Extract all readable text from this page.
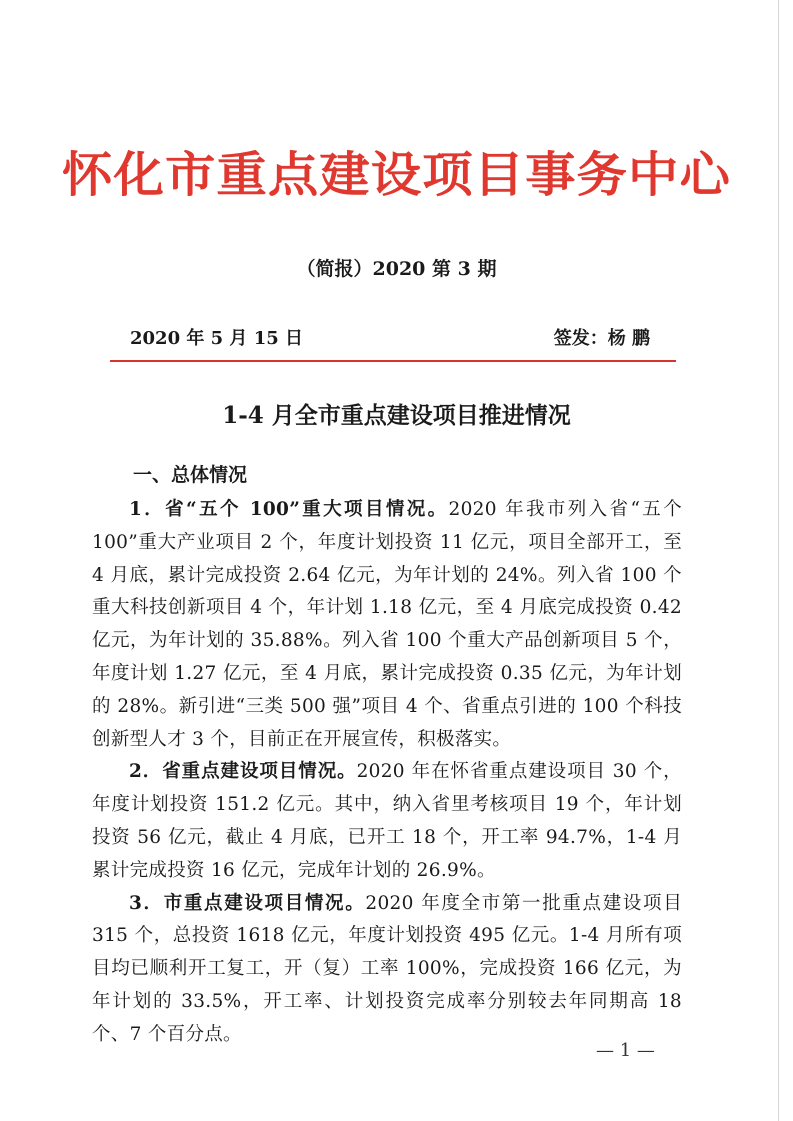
怀化市重点建设项目事务中心
（简报）2020 第 3 期
2020 年 5 月 15 日	签发：杨 鹏
1-4 月全市重点建设项目推进情况
一、总体情况

1．省“五个 100”重大项目情况。2020 年我市列入省“五个 100”重大产业项目 2 个，年度计划投资 11 亿元，项目全部开工，至 4 月底，累计完成投资 2.64 亿元，为年计划的 24%。列入省 100 个重大科技创新项目 4 个，年计划 1.18 亿元，至 4 月底完成投资 0.42 亿元，为年计划的 35.88%。列入省 100 个重大产品创新项目 5 个，年度计划 1.27 亿元，至 4 月底，累计完成投资 0.35 亿元，为年计划的 28%。新引进“三类 500 强”项目 4 个、省重点引进的 100 个科技创新型人才 3 个，目前正在开展宣传，积极落实。

2．省重点建设项目情况。2020 年在怀省重点建设项目 30 个，年度计划投资 151.2 亿元。其中，纳入省里考核项目 19 个，年计划投资 56 亿元，截止 4 月底，已开工 18 个，开工率 94.7%，1-4 月累计完成投资 16 亿元，完成年计划的 26.9%。

3．市重点建设项目情况。2020 年度全市第一批重点建设项目 315 个，总投资 1618 亿元，年度计划投资 495 亿元。1-4 月所有项目均已顺利开工复工，开（复）工率 100%，完成投资 166 亿元，为年计划的 33.5%，开工率、计划投资完成率分别较去年同期高 18 个、7 个百分点。

— 1 —
